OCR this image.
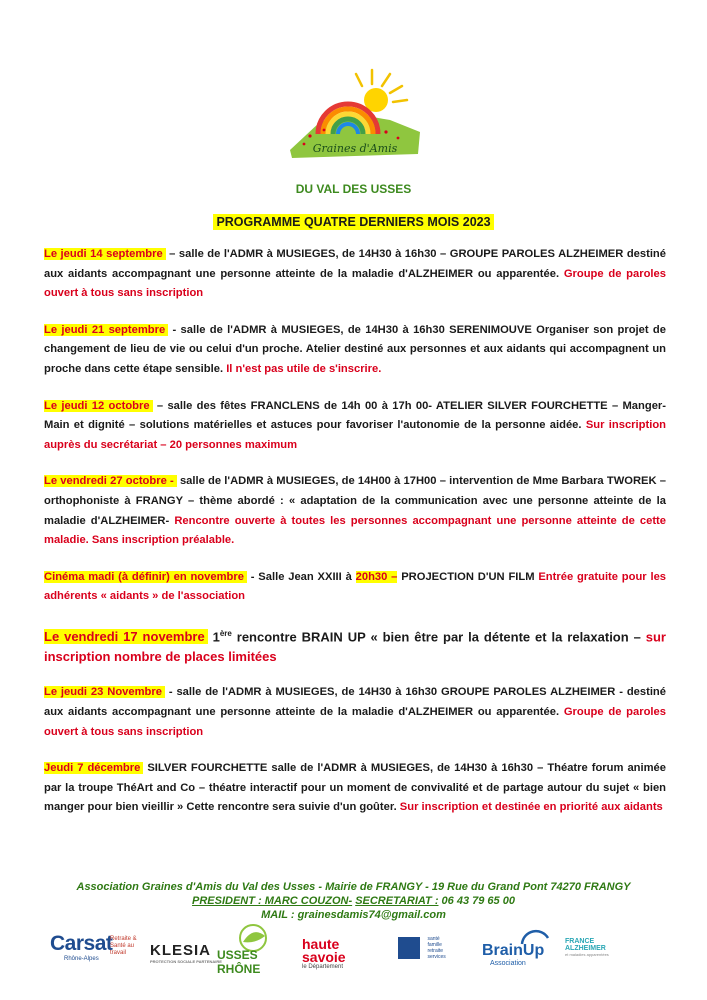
Graines d'Amis
DU VAL DES USSES
PROGRAMME QUATRE DERNIERS MOIS 2023

Le jeudi 14 septembre – salle de l'ADMR à MUSIEGES, de 14H30 à 16h30 – GROUPE PAROLES ALZHEIMER destiné aux aidants accompagnant une personne atteinte de la maladie d'ALZHEIMER ou apparentée. Groupe de paroles ouvert à tous sans inscription

Le jeudi 21 septembre - salle de l'ADMR à MUSIEGES, de 14H30 à 16h30 SERENIMOUVE Organiser son projet de changement de lieu de vie ou celui d'un proche. Atelier destiné aux personnes et aux aidants qui accompagnent un proche dans cette étape sensible. Il n'est pas utile de s'inscrire.

Le jeudi 12 octobre – salle des fêtes FRANCLENS de 14h 00 à 17h 00- ATELIER SILVER FOURCHETTE – Manger-Main et dignité – solutions matérielles et astuces pour favoriser l'autonomie de la personne aidée. Sur inscription auprès du secrétariat – 20 personnes maximum

Le vendredi 27 octobre - salle de l'ADMR à MUSIEGES, de 14H00 à 17H00 – intervention de Mme Barbara TWOREK – orthophoniste à FRANGY – thème abordé : « adaptation de la communication avec une personne atteinte de la maladie d'ALZHEIMER- Rencontre ouverte à toutes les personnes accompagnant une personne atteinte de cette maladie. Sans inscription préalable.

Cinéma madi (à définir) en novembre - Salle Jean XXIII à 20h30 – PROJECTION D'UN FILM Entrée gratuite pour les adhérents « aidants » de l'association

Le vendredi 17 novembre 1ère rencontre BRAIN UP « bien être par la détente et la relaxation – sur inscription nombre de places limitées

Le jeudi 23 Novembre - salle de l'ADMR à MUSIEGES, de 14H30 à 16h30 GROUPE PAROLES ALZHEIMER - destiné aux aidants accompagnant une personne atteinte de la maladie d'ALZHEIMER ou apparentée. Groupe de paroles ouvert à tous sans inscription

Jeudi 7 décembre SILVER FOURCHETTE salle de l'ADMR à MUSIEGES, de 14H30 à 16h30 – Théatre forum animée par la troupe ThéArt and Co – théatre interactif pour un moment de convivalité et de partage autour du sujet « bien manger pour bien vieillir » Cette rencontre sera suivie d'un goûter. Sur inscription et destinée en priorité aux aidants

Association Graines d'Amis du Val des Usses - Mairie de FRANGY - 19 Rue du Grand Pont 74270 FRANGY
PRESIDENT : MARC COUZON- SECRETARIAT : 06 43 79 65 00
MAIL : grainesdamis74@gmail.com
Carsat
Retraite & Santé au travail
Rhône-Alpes	KLESIA
PROTECTION SOCIALE PARTENAIRE
USSES RHÔNE
haute
savoie
le Département
santé
famille
retraite
services BrainUp
Association
FRANCE
ALZHEIMER
et maladies apparentées
